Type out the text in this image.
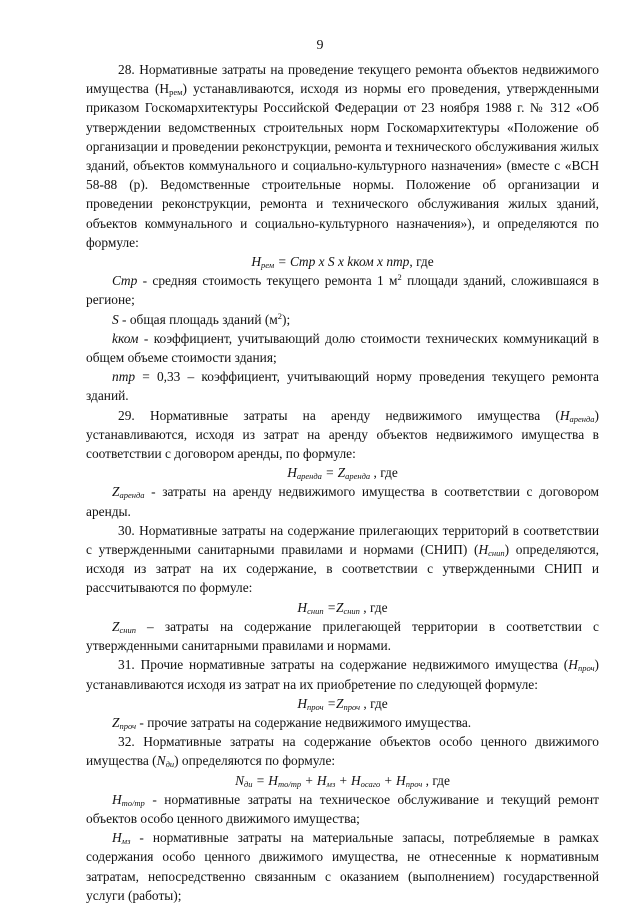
9

28. Нормативные затраты на проведение текущего ремонта объектов недвижимого имущества $(Н_{рем})$ устанавливаются, исходя из нормы его проведения, утвержденными приказом Госкомархитектуры Российской Федерации от 23 ноября 1988 г. № 312 «Об утверждении ведомственных строительных норм Госкомархитектуры «Положение об организации и проведении реконструкции, ремонта и технического обслуживания жилых зданий, объектов коммунального и социально-культурного назначения» (вместе с «ВСН 58-88 (р). Ведомственные строительные нормы. Положение об организации и проведении реконструкции, ремонта и технического обслуживания жилых зданий, объектов коммунального и социально-культурного назначения»), и определяются по формуле:

$Н_{рем}$ = Cmp x S x kком x nmp, где

Cmp - средняя стоимость текущего ремонта 1 $м^2$ площади зданий, сложившаяся в регионе;

S - общая площадь зданий $(м^2)$;

kком - коэффициент, учитывающий долю стоимости технических коммуникаций в общем объеме стоимости здания;

nmp = 0,33 – коэффициент, учитывающий норму проведения текущего ремонта зданий.

29. Нормативные затраты на аренду недвижимого имущества $(Н_{аренда})$ устанавливаются, исходя из затрат на аренду объектов недвижимого имущества в соответствии с договором аренды, по формуле:

$Н_{аренда} = Z_{аренда}$ , где

$Z_{аренда}$ - затраты на аренду недвижимого имущества в соответствии с договором аренды.

30. Нормативные затраты на содержание прилегающих территорий в соответствии с утвержденными санитарными правилами и нормами (СНИП) $(Н_{снип})$ определяются, исходя из затрат на их содержание, в соответствии с утвержденными СНИП и рассчитываются по формуле:

$Н_{снип} =Z_{снип}$ , где

$Z_{снип}$ – затраты на содержание прилегающей территории в соответствии с утвержденными санитарными правилами и нормами.

31. Прочие нормативные затраты на содержание недвижимого имущества $(Н_{проч})$ устанавливаются исходя из затрат на их приобретение по следующей формуле:

$Н_{проч} =Z_{проч}$ , где

$Z_{проч}$ - прочие затраты на содержание недвижимого имущества.

32. Нормативные затраты на содержание объектов особо ценного движимого имущества $(N_{ди})$ определяются по формуле:

$N_{ди} = H_{mo/mp} + H_{мз} + H_{осаго} + H_{проч}$ , где

$H_{mo/mp}$ - нормативные затраты на техническое обслуживание и текущий ремонт объектов особо ценного движимого имущества;

$H_{мз}$ - нормативные затраты на материальные запасы, потребляемые в рамках содержания особо ценного движимого имущества, не отнесенные к нормативным затратам, непосредственно связанным с оказанием (выполнением) государственной услуги (работы);
